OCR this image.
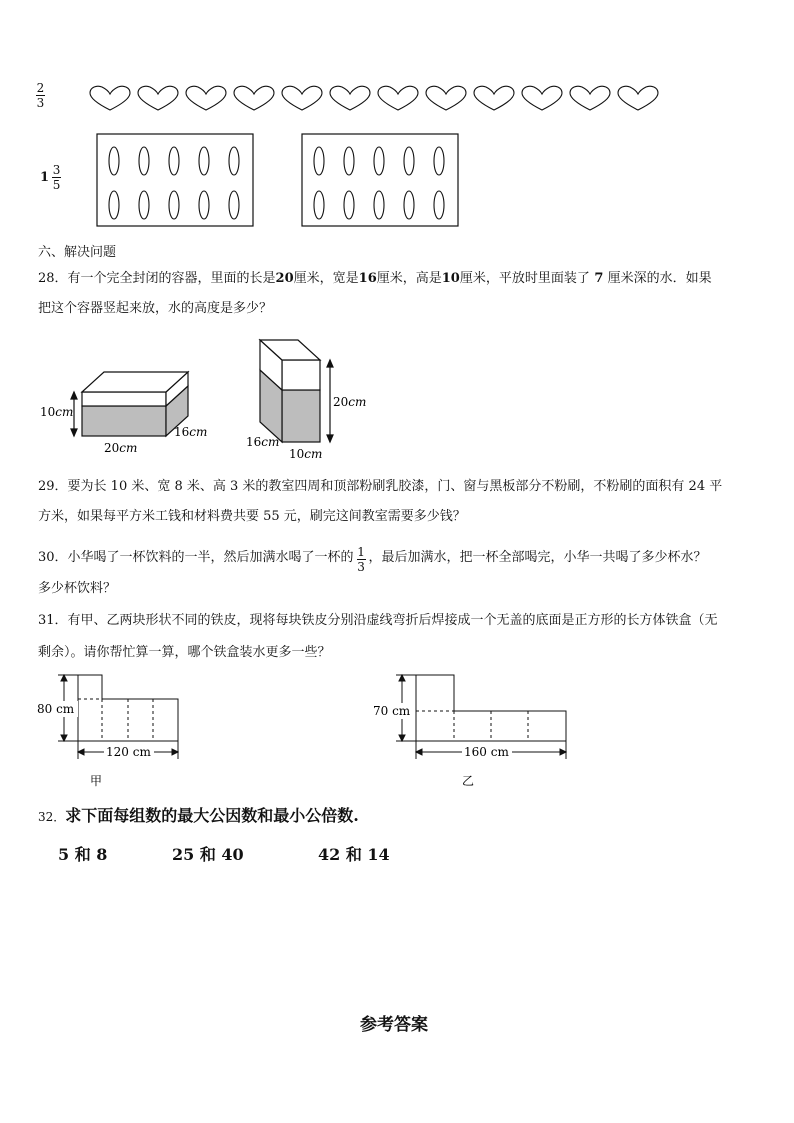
2
3
1 3
5
六、解决问题
28．有一个完全封闭的容器，里面的长是20厘米，宽是16厘米，高是10厘米，平放时里面装了 7 厘米深的水．如果
把这个容器竖起来放，水的高度是多少？
10cm
20cm
16cm
20cm
16cm
10cm
29．要为长 10 米、宽 8 米、高 3 米的教室四周和顶部粉刷乳胶漆，门、窗与黑板部分不粉刷，不粉刷的面积有 24 平
方米，如果每平方米工钱和材料费共要 55 元，刷完这间教室需要多少钱？
30．小华喝了一杯饮料的一半，然后加满水喝了一杯的 1
3
，最后加满水，把一杯全部喝完，小华一共喝了多少杯水？
多少杯饮料？
31．有甲、乙两块形状不同的铁皮，现将每块铁皮分别沿虚线弯折后焊接成一个无盖的底面是正方形的长方体铁盒（无
剩余）。请你帮忙算一算，哪个铁盒装水更多一些？
80 cm
120 cm
甲
70 cm
160 cm
乙
32．求下面每组数的最大公因数和最小公倍数.
5 和 8	25 和 40	42 和 14
参考答案
